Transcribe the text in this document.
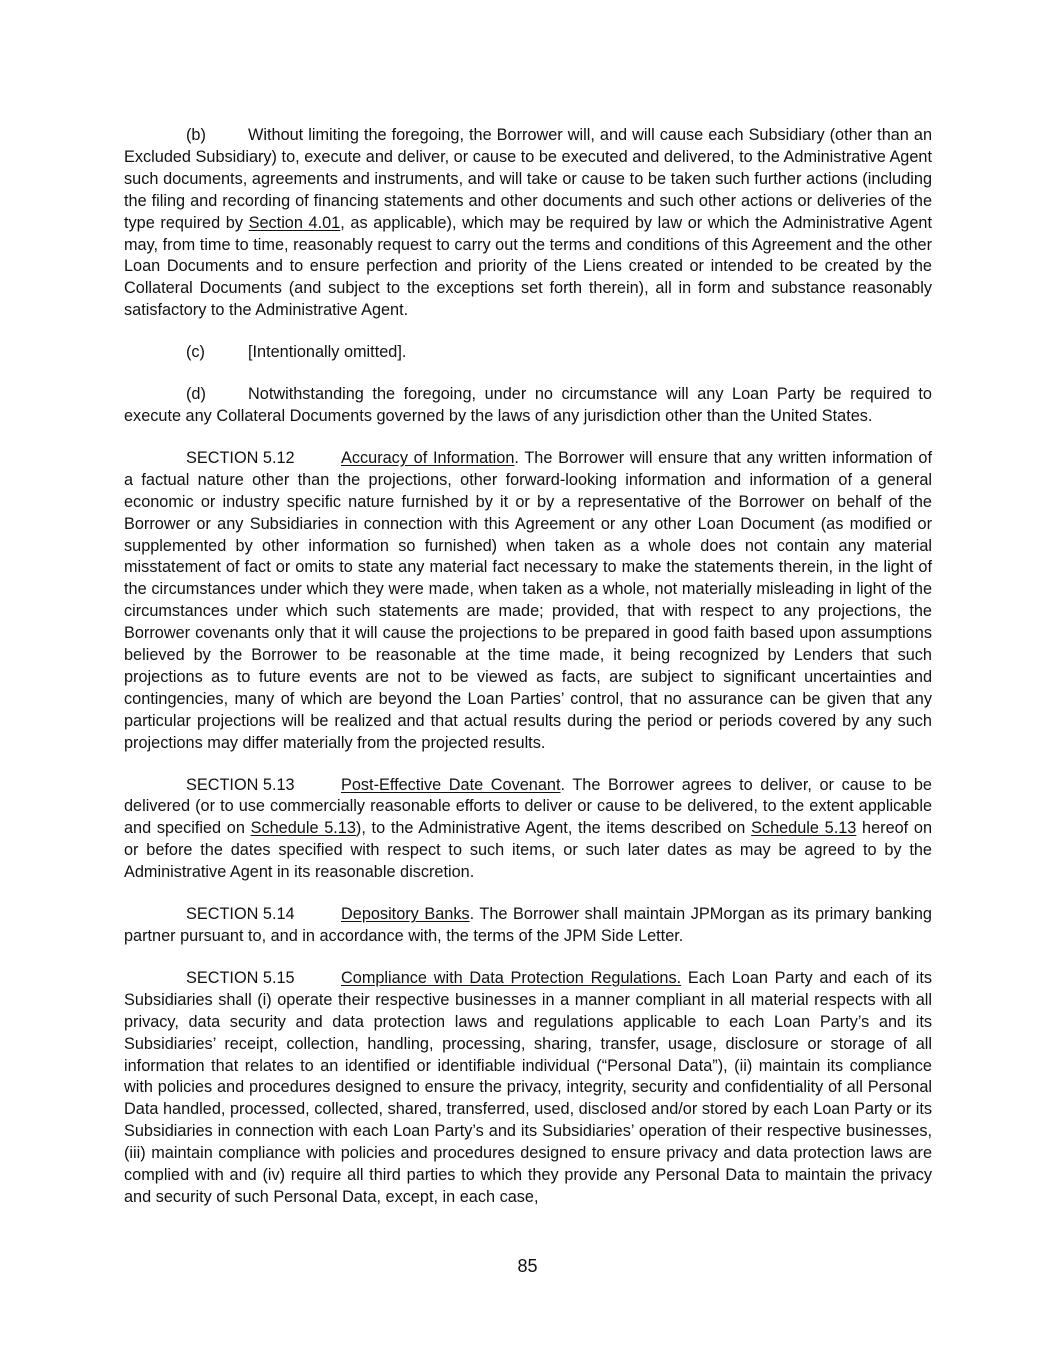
(b)	Without limiting the foregoing, the Borrower will, and will cause each Subsidiary (other than an Excluded Subsidiary) to, execute and deliver, or cause to be executed and delivered, to the Administrative Agent such documents, agreements and instruments, and will take or cause to be taken such further actions (including the filing and recording of financing statements and other documents and such other actions or deliveries of the type required by Section 4.01, as applicable), which may be required by law or which the Administrative Agent may, from time to time, reasonably request to carry out the terms and conditions of this Agreement and the other Loan Documents and to ensure perfection and priority of the Liens created or intended to be created by the Collateral Documents (and subject to the exceptions set forth therein), all in form and substance reasonably satisfactory to the Administrative Agent.

(c)	[Intentionally omitted].

(d)	Notwithstanding the foregoing, under no circumstance will any Loan Party be required to execute any Collateral Documents governed by the laws of any jurisdiction other than the United States.

SECTION 5.12	Accuracy of Information. The Borrower will ensure that any written information of a factual nature other than the projections, other forward-looking information and information of a general economic or industry specific nature furnished by it or by a representative of the Borrower on behalf of the Borrower or any Subsidiaries in connection with this Agreement or any other Loan Document (as modified or supplemented by other information so furnished) when taken as a whole does not contain any material misstatement of fact or omits to state any material fact necessary to make the statements therein, in the light of the circumstances under which they were made, when taken as a whole, not materially misleading in light of the circumstances under which such statements are made; provided, that with respect to any projections, the Borrower covenants only that it will cause the projections to be prepared in good faith based upon assumptions believed by the Borrower to be reasonable at the time made, it being recognized by Lenders that such projections as to future events are not to be viewed as facts, are subject to significant uncertainties and contingencies, many of which are beyond the Loan Parties’ control, that no assurance can be given that any particular projections will be realized and that actual results during the period or periods covered by any such projections may differ materially from the projected results.

SECTION 5.13	Post-Effective Date Covenant. The Borrower agrees to deliver, or cause to be delivered (or to use commercially reasonable efforts to deliver or cause to be delivered, to the extent applicable and specified on Schedule 5.13), to the Administrative Agent, the items described on Schedule 5.13 hereof on or before the dates specified with respect to such items, or such later dates as may be agreed to by the Administrative Agent in its reasonable discretion.

SECTION 5.14	Depository Banks. The Borrower shall maintain JPMorgan as its primary banking partner pursuant to, and in accordance with, the terms of the JPM Side Letter.

SECTION 5.15	Compliance with Data Protection Regulations. Each Loan Party and each of its Subsidiaries shall (i) operate their respective businesses in a manner compliant in all material respects with all privacy, data security and data protection laws and regulations applicable to each Loan Party’s and its Subsidiaries’ receipt, collection, handling, processing, sharing, transfer, usage, disclosure or storage of all information that relates to an identified or identifiable individual (“Personal Data”), (ii) maintain its compliance with policies and procedures designed to ensure the privacy, integrity, security and confidentiality of all Personal Data handled, processed, collected, shared, transferred, used, disclosed and/or stored by each Loan Party or its Subsidiaries in connection with each Loan Party’s and its Subsidiaries’ operation of their respective businesses, (iii) maintain compliance with policies and procedures designed to ensure privacy and data protection laws are complied with and (iv) require all third parties to which they provide any Personal Data to maintain the privacy and security of such Personal Data, except, in each case,

85
